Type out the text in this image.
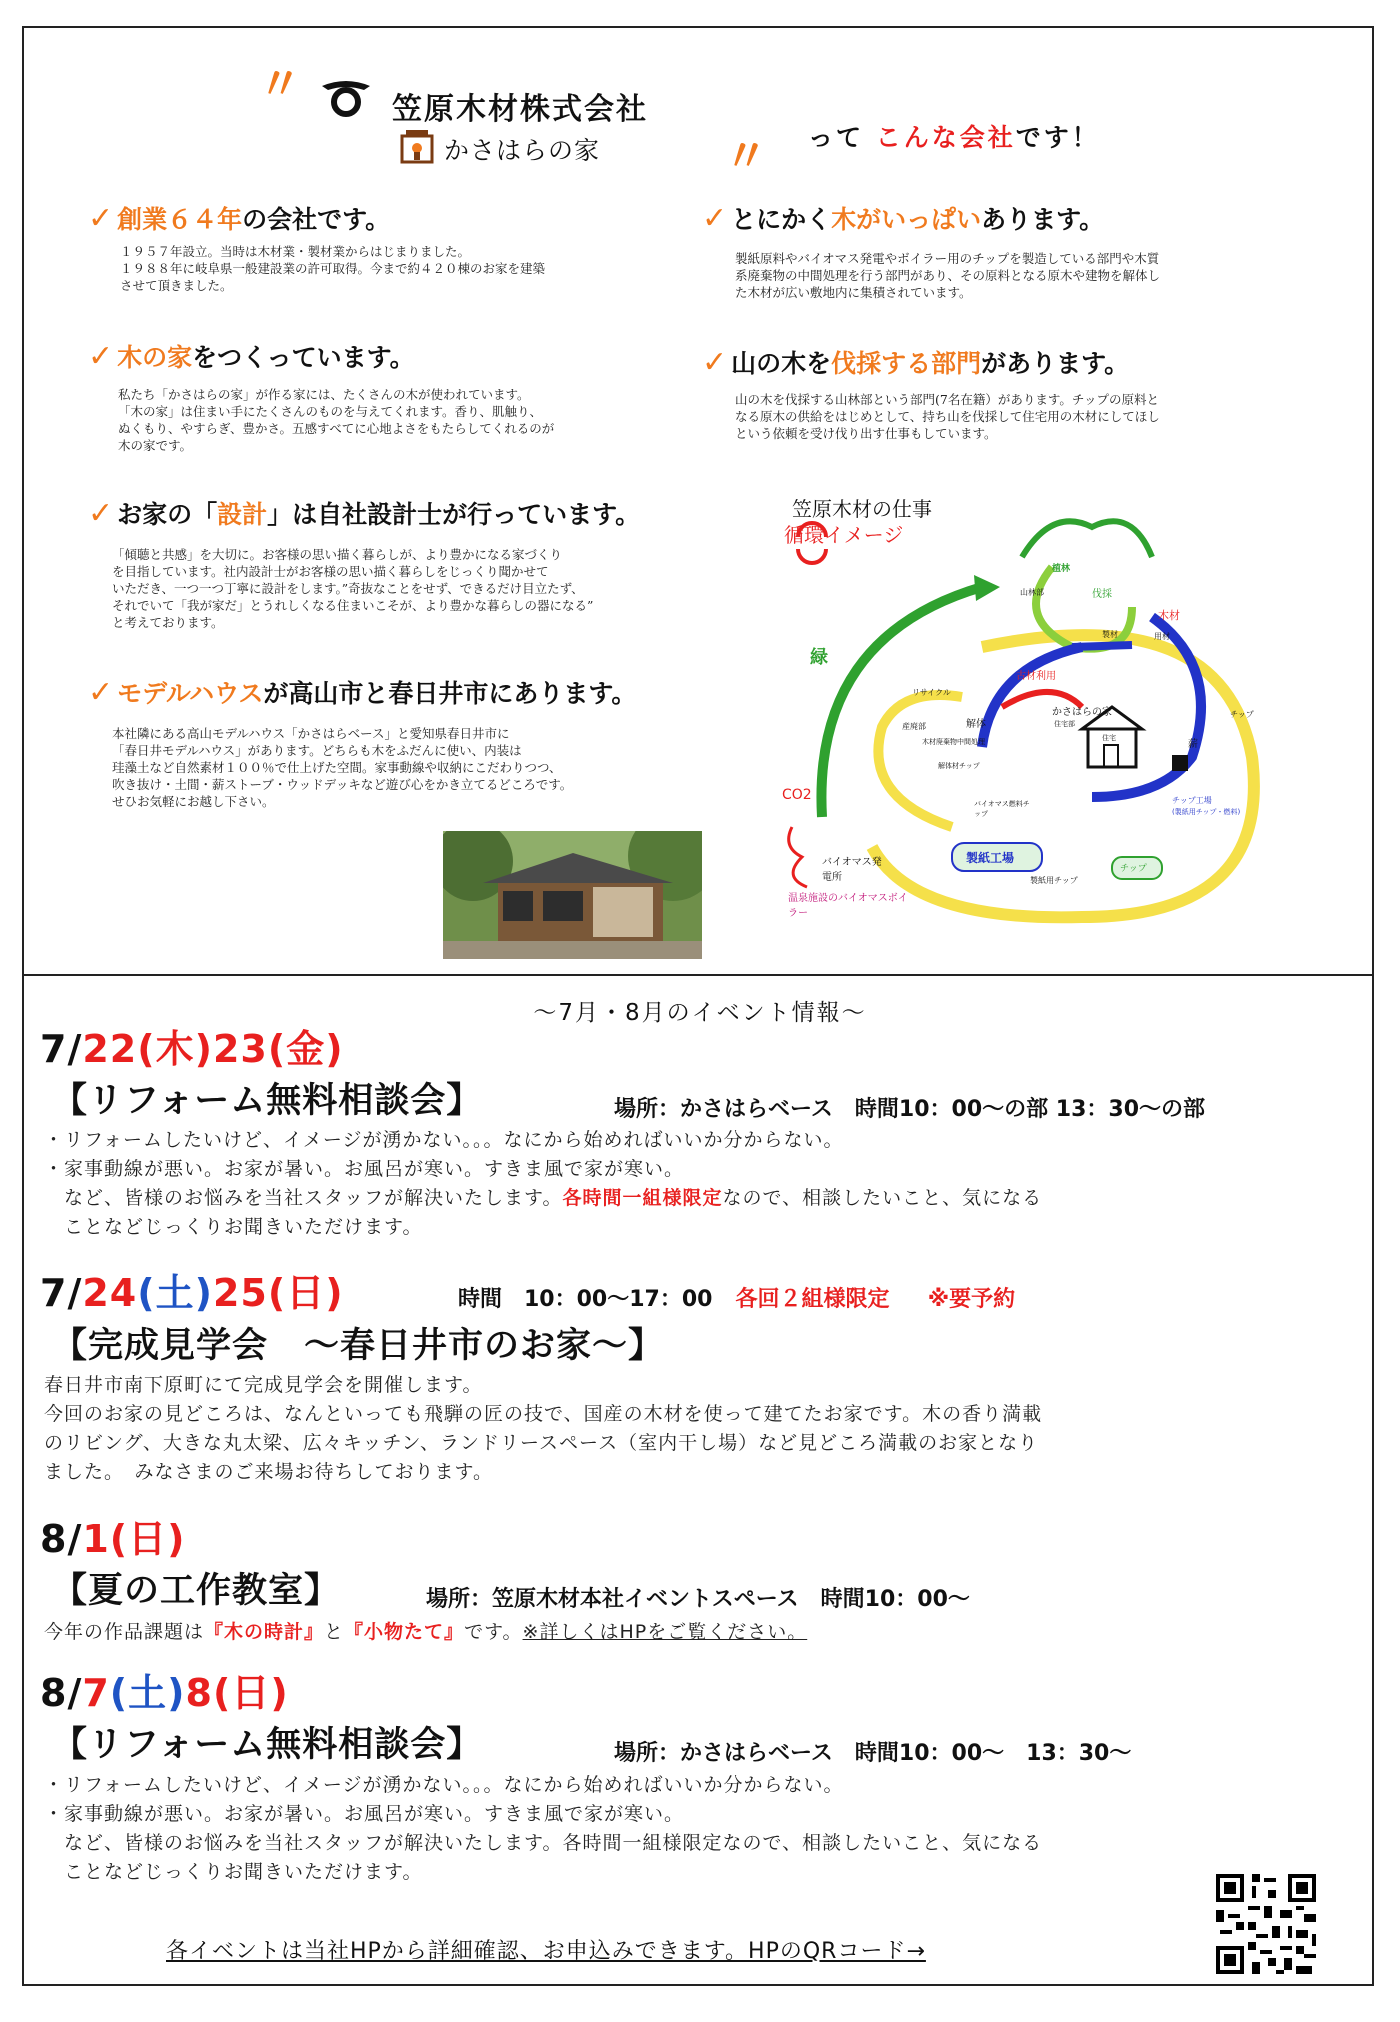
〃	笠原木材株式会社
かさはらの家	〃 って こんな会社です！
✓ 創業６４年の会社です。
１９５７年設立。当時は木材業・製材業からはじまりました。
１９８８年に岐阜県一般建設業の許可取得。今まで約４２０棟のお家を建築
させて頂きました。
✓ とにかく木がいっぱいあります。
製紙原料やバイオマス発電やボイラー用のチップを製造している部門や木質
系廃棄物の中間処理を行う部門があり、その原料となる原木や建物を解体し
た木材が広い敷地内に集積されています。
✓ 木の家をつくっています。
私たち「かさはらの家」が作る家には、たくさんの木が使われています。
「木の家」は住まい手にたくさんのものを与えてくれます。香り、肌触り、
ぬくもり、やすらぎ、豊かさ。五感すべてに心地よさをもたらしてくれるのが
木の家です。
✓ 山の木を伐採する部門があります。
山の木を伐採する山林部という部門(7名在籍）があります。チップの原料と
なる原木の供給をはじめとして、持ち山を伐採して住宅用の木材にしてほし
という依頼を受け伐り出す仕事もしています。
✓ お家の「設計」は自社設計士が行っています。
「傾聴と共感」を大切に。お客様の思い描く暮らしが、より豊かになる家づくり
を目指しています。社内設計士がお客様の思い描く暮らしをじっくり聞かせて
いただき、一つ一つ丁寧に設計をします。”奇抜なことをせず、できるだけ目立たず、
それでいて「我が家だ」とうれしくなる住まいこそが、より豊かな暮らしの器になる”
と考えております。
✓ モデルハウスが高山市と春日井市にあります。
本社隣にある高山モデルハウス「かさはらベース」と愛知県春日井市に
「春日井モデルハウス」があります。どちらも木をふだんに使い、内装は
珪藻土など自然素材１００％で仕上げた空間。家事動線や収納にこだわりつつ、
吹き抜け・土間・薪ストーブ・ウッドデッキなど遊び心をかき立てるどころです。
せひお気軽にお越し下さい。
笠原木材の仕事
循環イメージ
植林
山林部	伐採
木材
用材
製材
チップ
チップ工場
(製紙用チップ・燃料)
製紙用チップ
製紙工場
チップ
バイオマス発電所
温泉施設のバイオマスボイラー
CO2
緑
リサイクル
産廃部	解体
木材廃棄物中間処理
解体材チップ
バイオマス燃料チップ
古材利用
かさはらの家
住宅部
住宅
薪
〜7月・8月のイベント情報〜
7/22(木)23(金)
【リフォーム無料相談会】	場所：かさはらベース　時間10：00〜の部 13：30〜の部
・リフォームしたいけど、イメージが湧かない。。。なにから始めればいいか分からない。
・家事動線が悪い。お家が暑い。お風呂が寒い。すきま風で家が寒い。
　など、皆様のお悩みを当社スタッフが解決いたします。各時間一組様限定なので、相談したいこと、気になる
　ことなどじっくりお聞きいただけます。
7/24(土)25(日)	時間　10：00〜17：00 各回２組様限定 ※要予約
【完成見学会　〜春日井市のお家〜】
春日井市南下原町にて完成見学会を開催します。
今回のお家の見どころは、なんといっても飛騨の匠の技で、国産の木材を使って建てたお家です。木の香り満載
のリビング、大きな丸太梁、広々キッチン、ランドリースペース（室内干し場）など見どころ満載のお家となり
ました。　みなさまのご来場お待ちしております。
8/1(日)
【夏の工作教室】	場所：笠原木材本社イベントスペース　時間10：00〜
今年の作品課題は『木の時計』と『小物たて』です。※詳しくはHPをご覧ください。
8/7(土)8(日)
【リフォーム無料相談会】	場所：かさはらベース　時間10：00〜　13：30〜
・リフォームしたいけど、イメージが湧かない。。。なにから始めればいいか分からない。
・家事動線が悪い。お家が暑い。お風呂が寒い。すきま風で家が寒い。
　など、皆様のお悩みを当社スタッフが解決いたします。各時間一組様限定なので、相談したいこと、気になる
　ことなどじっくりお聞きいただけます。
各イベントは当社HPから詳細確認、お申込みできます。HPのQRコード→
